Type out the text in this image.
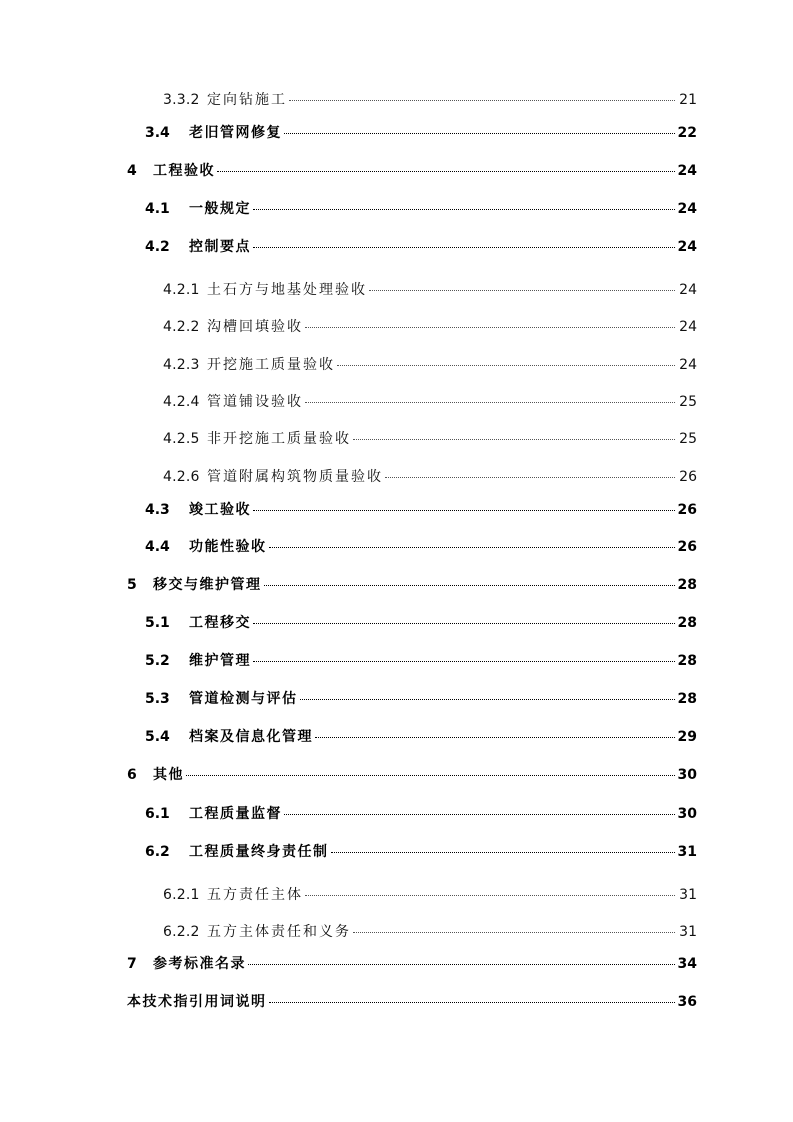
3.3.2 定向钻施工	21
3.4	老旧管网修复	22
4	工程验收	24
4.1	一般规定	24
4.2	控制要点	24
4.2.1 土石方与地基处理验收	24
4.2.2 沟槽回填验收	24
4.2.3 开挖施工质量验收	24
4.2.4 管道铺设验收	25
4.2.5 非开挖施工质量验收	25
4.2.6 管道附属构筑物质量验收	26
4.3	竣工验收	26
4.4	功能性验收	26
5	移交与维护管理	28
5.1	工程移交	28
5.2	维护管理	28
5.3	管道检测与评估	28
5.4	档案及信息化管理	29
6	其他	30
6.1	工程质量监督	30
6.2	工程质量终身责任制	31
6.2.1 五方责任主体	31
6.2.2 五方主体责任和义务	31
7	参考标准名录	34
本技术指引用词说明	36
